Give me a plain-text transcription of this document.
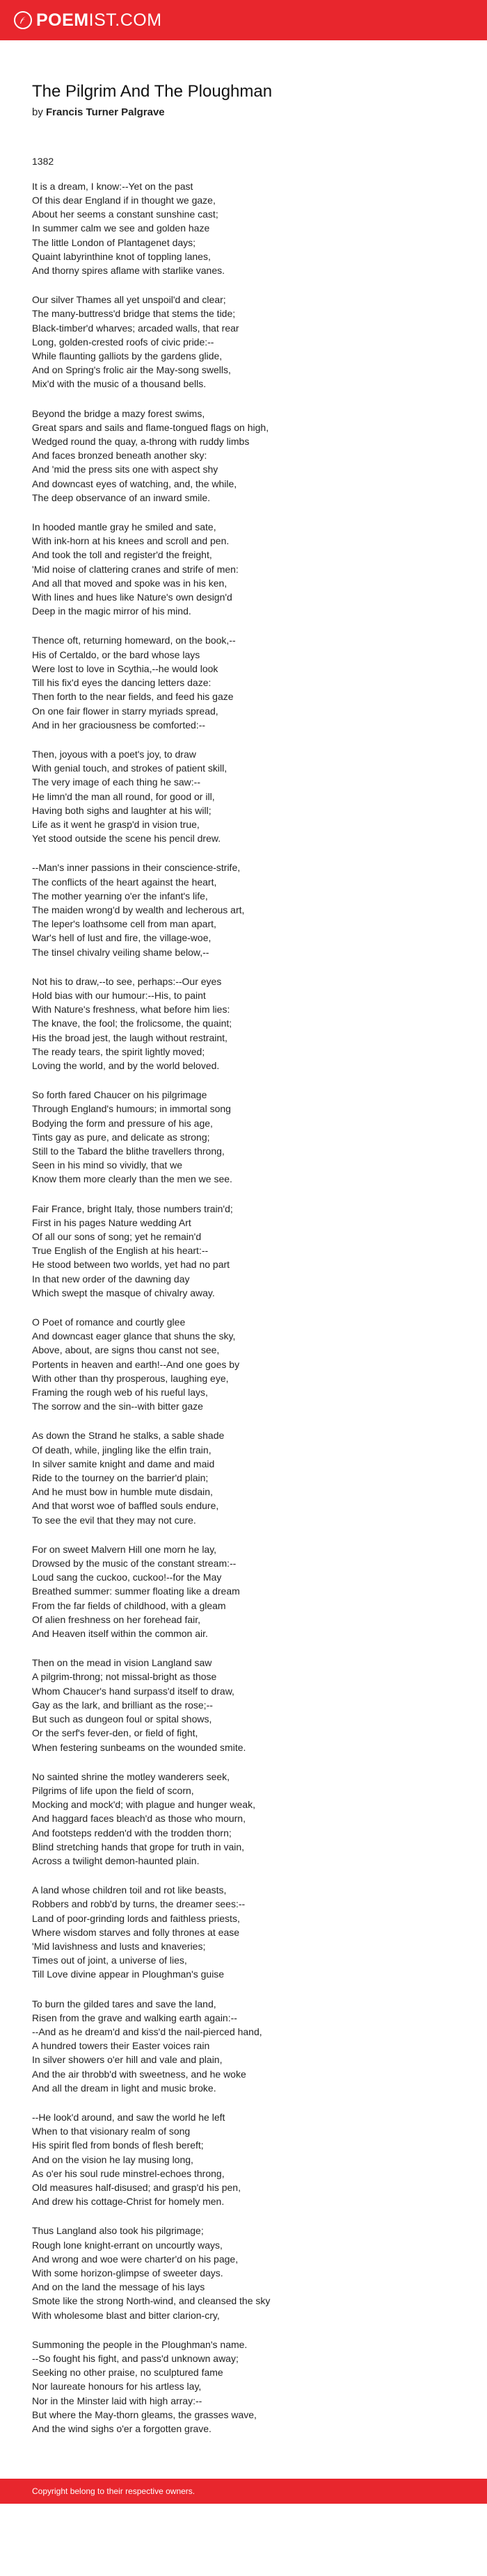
POEMIST.COM
The Pilgrim And The Ploughman
by Francis Turner Palgrave
1382
It is a dream, I know:--Yet on the past
Of this dear England if in thought we gaze,
About her seems a constant sunshine cast;
In summer calm we see and golden haze
The little London of Plantagenet days;
Quaint labyrinthine knot of toppling lanes,
And thorny spires aflame with starlike vanes.
Our silver Thames all yet unspoil'd and clear;
The many-buttress'd bridge that stems the tide;
Black-timber'd wharves; arcaded walls, that rear
Long, golden-crested roofs of civic pride:--
While flaunting galliots by the gardens glide,
And on Spring's frolic air the May-song swells,
Mix'd with the music of a thousand bells.
Beyond the bridge a mazy forest swims,
Great spars and sails and flame-tongued flags on high,
Wedged round the quay, a-throng with ruddy limbs
And faces bronzed beneath another sky:
And 'mid the press sits one with aspect shy
And downcast eyes of watching, and, the while,
The deep observance of an inward smile.
In hooded mantle gray he smiled and sate,
With ink-horn at his knees and scroll and pen.
And took the toll and register'd the freight,
'Mid noise of clattering cranes and strife of men:
And all that moved and spoke was in his ken,
With lines and hues like Nature's own design'd
Deep in the magic mirror of his mind.
Thence oft, returning homeward, on the book,--
His of Certaldo, or the bard whose lays
Were lost to love in Scythia,--he would look
Till his fix'd eyes the dancing letters daze:
Then forth to the near fields, and feed his gaze
On one fair flower in starry myriads spread,
And in her graciousness be comforted:--
Then, joyous with a poet's joy, to draw
With genial touch, and strokes of patient skill,
The very image of each thing he saw:--
He limn'd the man all round, for good or ill,
Having both sighs and laughter at his will;
Life as it went he grasp'd in vision true,
Yet stood outside the scene his pencil drew.
--Man's inner passions in their conscience-strife,
The conflicts of the heart against the heart,
The mother yearning o'er the infant's life,
The maiden wrong'd by wealth and lecherous art,
The leper's loathsome cell from man apart,
War's hell of lust and fire, the village-woe,
The tinsel chivalry veiling shame below,--
Not his to draw,--to see, perhaps:--Our eyes
Hold bias with our humour:--His, to paint
With Nature's freshness, what before him lies:
The knave, the fool; the frolicsome, the quaint;
His the broad jest, the laugh without restraint,
The ready tears, the spirit lightly moved;
Loving the world, and by the world beloved.
So forth fared Chaucer on his pilgrimage
Through England's humours; in immortal song
Bodying the form and pressure of his age,
Tints gay as pure, and delicate as strong;
Still to the Tabard the blithe travellers throng,
Seen in his mind so vividly, that we
Know them more clearly than the men we see.
Fair France, bright Italy, those numbers train'd;
First in his pages Nature wedding Art
Of all our sons of song; yet he remain'd
True English of the English at his heart:--
He stood between two worlds, yet had no part
In that new order of the dawning day
Which swept the masque of chivalry away.
O Poet of romance and courtly glee
And downcast eager glance that shuns the sky,
Above, about, are signs thou canst not see,
Portents in heaven and earth!--And one goes by
With other than thy prosperous, laughing eye,
Framing the rough web of his rueful lays,
The sorrow and the sin--with bitter gaze
As down the Strand he stalks, a sable shade
Of death, while, jingling like the elfin train,
In silver samite knight and dame and maid
Ride to the tourney on the barrier'd plain;
And he must bow in humble mute disdain,
And that worst woe of baffled souls endure,
To see the evil that they may not cure.
For on sweet Malvern Hill one morn he lay,
Drowsed by the music of the constant stream:--
Loud sang the cuckoo, cuckoo!--for the May
Breathed summer: summer floating like a dream
From the far fields of childhood, with a gleam
Of alien freshness on her forehead fair,
And Heaven itself within the common air.
Then on the mead in vision Langland saw
A pilgrim-throng; not missal-bright as those
Whom Chaucer's hand surpass'd itself to draw,
Gay as the lark, and brilliant as the rose;--
But such as dungeon foul or spital shows,
Or the serf's fever-den, or field of fight,
When festering sunbeams on the wounded smite.
No sainted shrine the motley wanderers seek,
Pilgrims of life upon the field of scorn,
Mocking and mock'd; with plague and hunger weak,
And haggard faces bleach'd as those who mourn,
And footsteps redden'd with the trodden thorn;
Blind stretching hands that grope for truth in vain,
Across a twilight demon-haunted plain.
A land whose children toil and rot like beasts,
Robbers and robb'd by turns, the dreamer sees:--
Land of poor-grinding lords and faithless priests,
Where wisdom starves and folly thrones at ease
'Mid lavishness and lusts and knaveries;
Times out of joint, a universe of lies,
Till Love divine appear in Ploughman's guise
To burn the gilded tares and save the land,
Risen from the grave and walking earth again:--
--And as he dream'd and kiss'd the nail-pierced hand,
A hundred towers their Easter voices rain
In silver showers o'er hill and vale and plain,
And the air throbb'd with sweetness, and he woke
And all the dream in light and music broke.
--He look'd around, and saw the world he left
When to that visionary realm of song
His spirit fled from bonds of flesh bereft;
And on the vision he lay musing long,
As o'er his soul rude minstrel-echoes throng,
Old measures half-disused; and grasp'd his pen,
And drew his cottage-Christ for homely men.
Thus Langland also took his pilgrimage;
Rough lone knight-errant on uncourtly ways,
And wrong and woe were charter'd on his page,
With some horizon-glimpse of sweeter days.
And on the land the message of his lays
Smote like the strong North-wind, and cleansed the sky
With wholesome blast and bitter clarion-cry,
Summoning the people in the Ploughman's name.
--So fought his fight, and pass'd unknown away;
Seeking no other praise, no sculptured fame
Nor laureate honours for his artless lay,
Nor in the Minster laid with high array:--
But where the May-thorn gleams, the grasses wave,
And the wind sighs o'er a forgotten grave.
Copyright belong to their respective owners.
